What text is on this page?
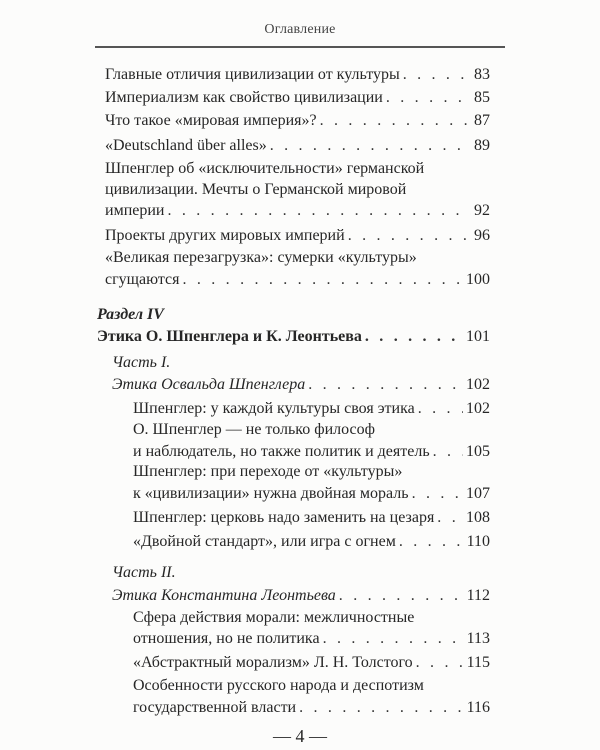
Оглавление
Главные отличия цивилизации от культуры . . .	83
Империализм как свойство цивилизации . . .	85
Что такое «мировая империя»? . . .	87
«Deutschland über alles» . . .	89
Шпенглер об «исключительности» германской
цивилизации. Мечты о Германской мировой
империи . . .	92
Проекты других мировых империй . . .	96
«Великая перезагрузка»: сумерки «культуры»
сгущаются . . .	100
Раздел IV
Этика О. Шпенглера и К. Леонтьева . . .	101
Часть I.
Этика Освальда Шпенглера . . .	102
Шпенглер: у каждой культуры своя этика . . .	102
О. Шпенглер — не только философ
и наблюдатель, но также политик и деятель . . . 105
Шпенглер: при переходе от «культуры»
к «цивилизации» нужна двойная мораль . . .	107
Шпенглер: церковь надо заменить на цезаря . . . 108
«Двойной стандарт», или игра с огнем . . .	110
Часть II.
Этика Константина Леонтьева . . .	112
Сфера действия морали: межличностные
отношения, но не политика . . .	113
«Абстрактный морализм» Л. Н. Толстого . . .	115
Особенности русского народа и деспотизм
государственной власти . . .	116
— 4 —
